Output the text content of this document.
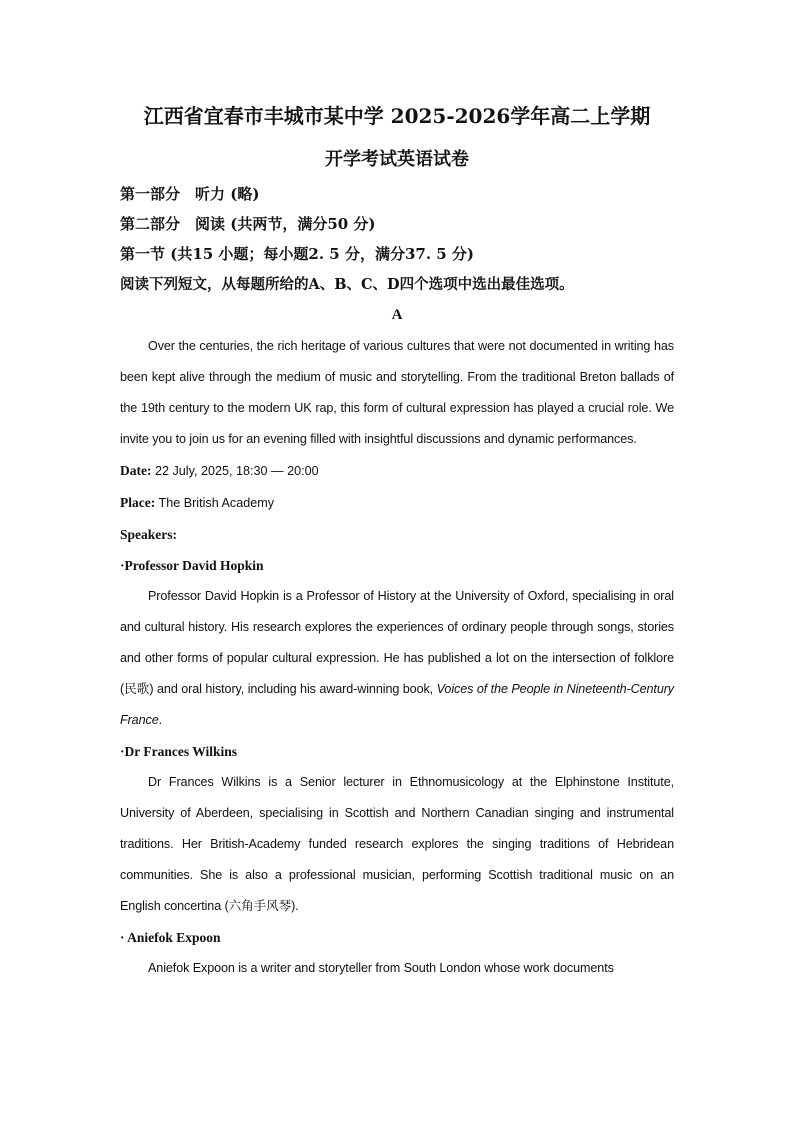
江西省宜春市丰城市某中学 2025-2026学年高二上学期
开学考试英语试卷

第一部分　听力 (略)

第二部分　阅读 (共两节，满分50 分)

第一节 (共15 小题；每小题2. 5 分，满分37. 5 分)

阅读下列短文，从每题所给的A、B、C、D四个选项中选出最佳选项。

A

Over the centuries, the rich heritage of various cultures that were not documented in writing has been kept alive through the medium of music and storytelling. From the traditional Breton ballads of the 19th century to the modern UK rap, this form of cultural expression has played a crucial role. We invite you to join us for an evening filled with insightful discussions and dynamic performances.

Date: 22 July, 2025, 18:30 — 20:00

Place: The British Academy

Speakers:

·Professor David Hopkin

Professor David Hopkin is a Professor of History at the University of Oxford, specialising in oral and cultural history. His research explores the experiences of ordinary people through songs, stories and other forms of popular cultural expression. He has published a lot on the intersection of folklore (民歌) and oral history, including his award-winning book, Voices of the People in Nineteenth-Century France.

·Dr Frances Wilkins

Dr Frances Wilkins is a Senior lecturer in Ethnomusicology at the Elphinstone Institute, University of Aberdeen, specialising in Scottish and Northern Canadian singing and instrumental traditions. Her British-Academy funded research explores the singing traditions of Hebridean communities. She is also a professional musician, performing Scottish traditional music on an English concertina (六角手风琴).

· Aniefok Expoon

Aniefok Expoon is a writer and storyteller from South London whose work documents
